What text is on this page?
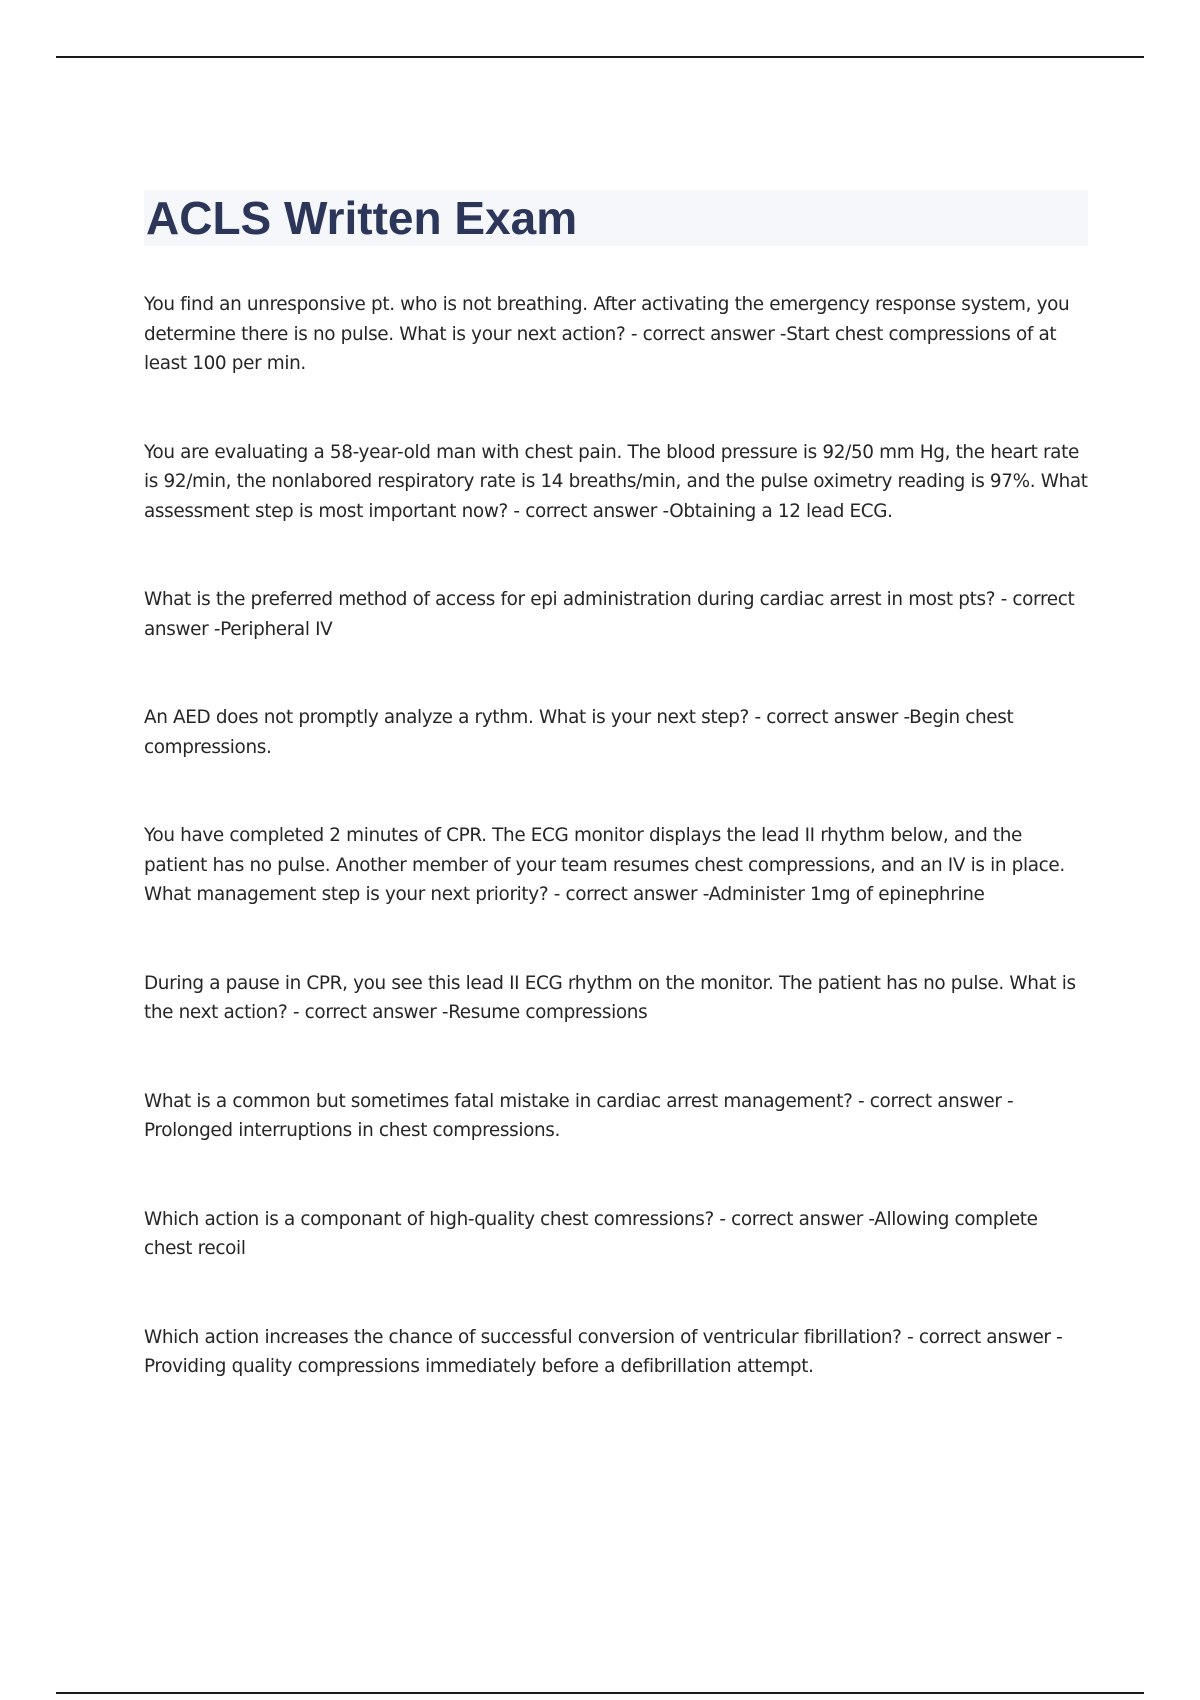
ACLS Written Exam

You find an unresponsive pt. who is not breathing. After activating the emergency response system, you determine there is no pulse. What is your next action? - correct answer -Start chest compressions of at least 100 per min.

You are evaluating a 58-year-old man with chest pain. The blood pressure is 92/50 mm Hg, the heart rate is 92/min, the nonlabored respiratory rate is 14 breaths/min, and the pulse oximetry reading is 97%. What assessment step is most important now? - correct answer -Obtaining a 12 lead ECG.

What is the preferred method of access for epi administration during cardiac arrest in most pts? - correct answer -Peripheral IV

An AED does not promptly analyze a rythm. What is your next step? - correct answer -Begin chest compressions.

You have completed 2 minutes of CPR. The ECG monitor displays the lead II rhythm below, and the patient has no pulse. Another member of your team resumes chest compressions, and an IV is in place. What management step is your next priority? - correct answer -Administer 1mg of epinephrine

During a pause in CPR, you see this lead II ECG rhythm on the monitor. The patient has no pulse. What is the next action? - correct answer -Resume compressions

What is a common but sometimes fatal mistake in cardiac arrest management? - correct answer - Prolonged interruptions in chest compressions.

Which action is a componant of high-quality chest comressions? - correct answer -Allowing complete chest recoil

Which action increases the chance of successful conversion of ventricular fibrillation? - correct answer - Providing quality compressions immediately before a defibrillation attempt.
